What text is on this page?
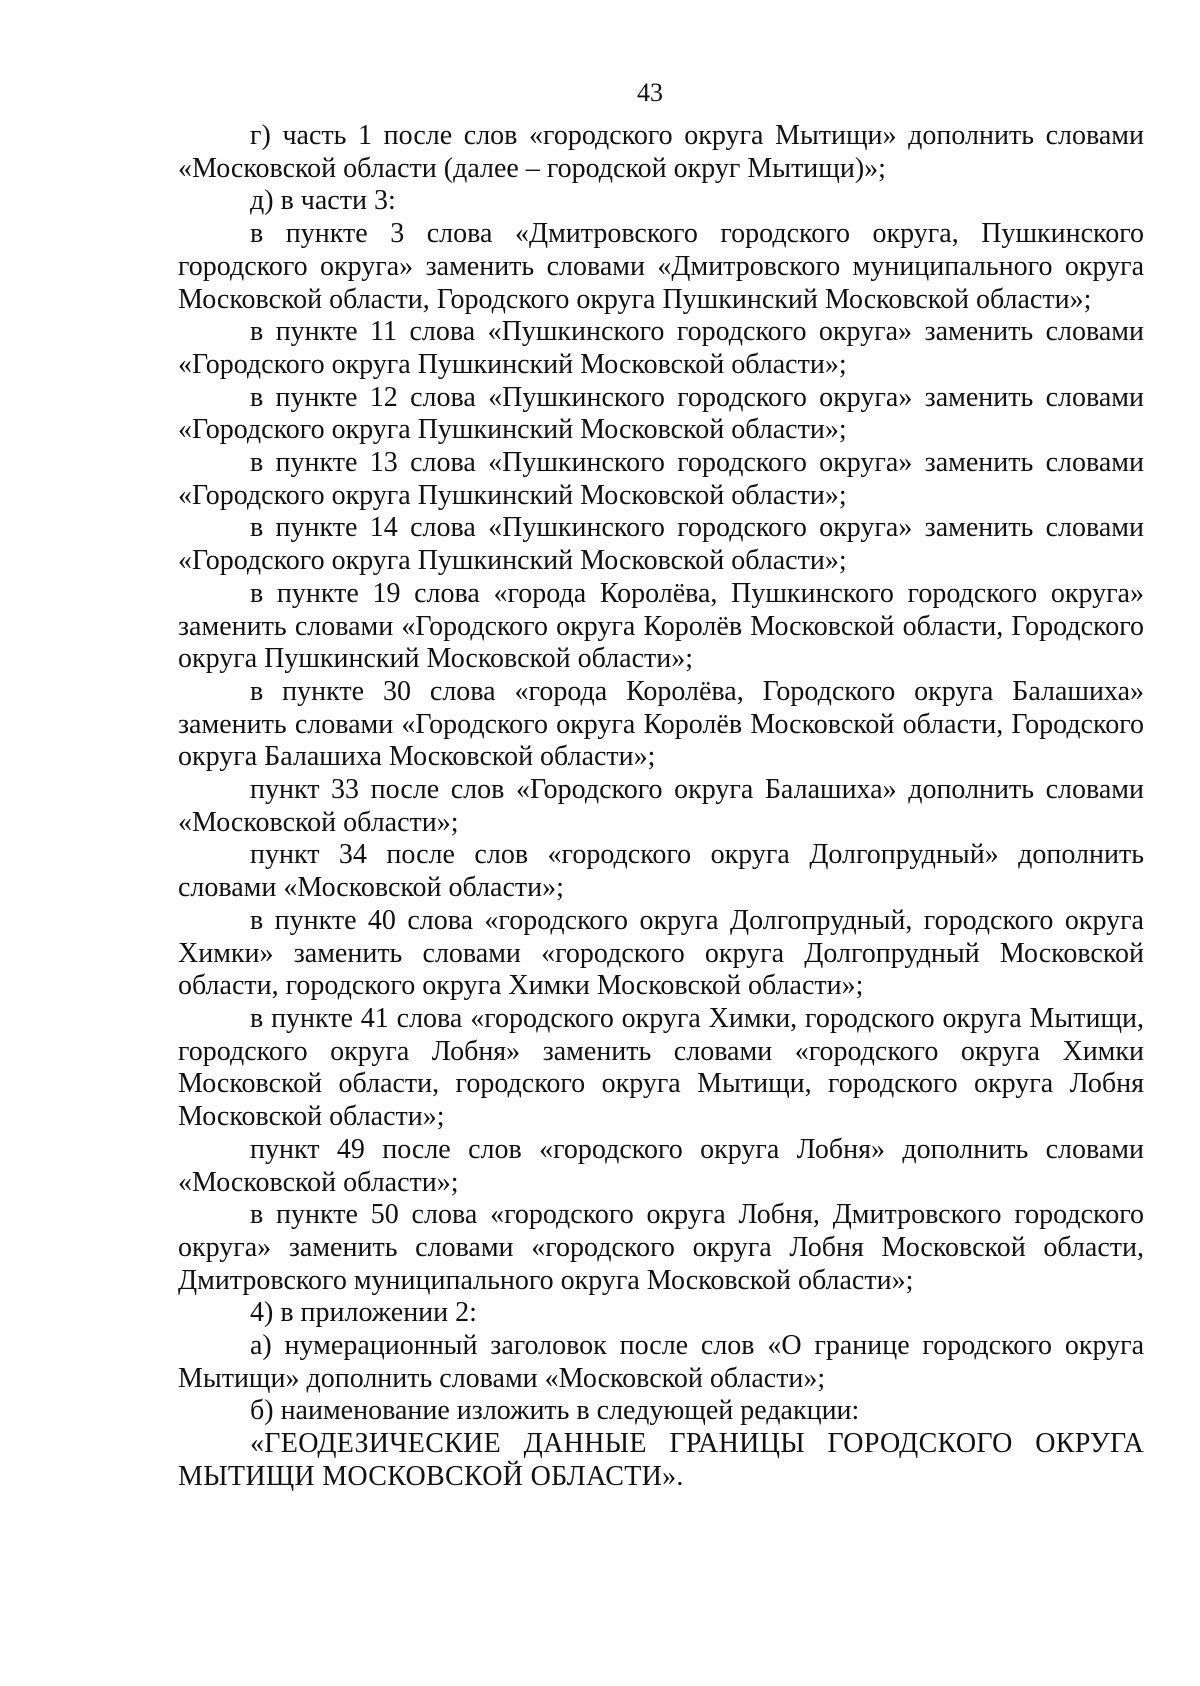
43

г) часть 1 после слов «городского округа Мытищи» дополнить словами «Московской области (далее – городской округ Мытищи)»;

д) в части 3:

в пункте 3 слова «Дмитровского городского округа, Пушкинского городского округа» заменить словами «Дмитровского муниципального округа Московской области, Городского округа Пушкинский Московской области»;

в пункте 11 слова «Пушкинского городского округа» заменить словами «Городского округа Пушкинский Московской области»;

в пункте 12 слова «Пушкинского городского округа» заменить словами «Городского округа Пушкинский Московской области»;

в пункте 13 слова «Пушкинского городского округа» заменить словами «Городского округа Пушкинский Московской области»;

в пункте 14 слова «Пушкинского городского округа» заменить словами «Городского округа Пушкинский Московской области»;

в пункте 19 слова «города Королёва, Пушкинского городского округа» заменить словами «Городского округа Королёв Московской области, Городского округа Пушкинский Московской области»;

в пункте 30 слова «города Королёва, Городского округа Балашиха» заменить словами «Городского округа Королёв Московской области, Городского округа Балашиха Московской области»;

пункт 33 после слов «Городского округа Балашиха» дополнить словами «Московской области»;

пункт 34 после слов «городского округа Долгопрудный» дополнить словами «Московской области»;

в пункте 40 слова «городского округа Долгопрудный, городского округа Химки» заменить словами «городского округа Долгопрудный Московской области, городского округа Химки Московской области»;

в пункте 41 слова «городского округа Химки, городского округа Мытищи, городского округа Лобня» заменить словами «городского округа Химки Московской области, городского округа Мытищи, городского округа Лобня Московской области»;

пункт 49 после слов «городского округа Лобня» дополнить словами «Московской области»;

в пункте 50 слова «городского округа Лобня, Дмитровского городского округа» заменить словами «городского округа Лобня Московской области, Дмитровского муниципального округа Московской области»;

4) в приложении 2:

а) нумерационный заголовок после слов «О границе городского округа Мытищи» дополнить словами «Московской области»;

б) наименование изложить в следующей редакции:

«ГЕОДЕЗИЧЕСКИЕ ДАННЫЕ ГРАНИЦЫ ГОРОДСКОГО ОКРУГА МЫТИЩИ МОСКОВСКОЙ ОБЛАСТИ».
